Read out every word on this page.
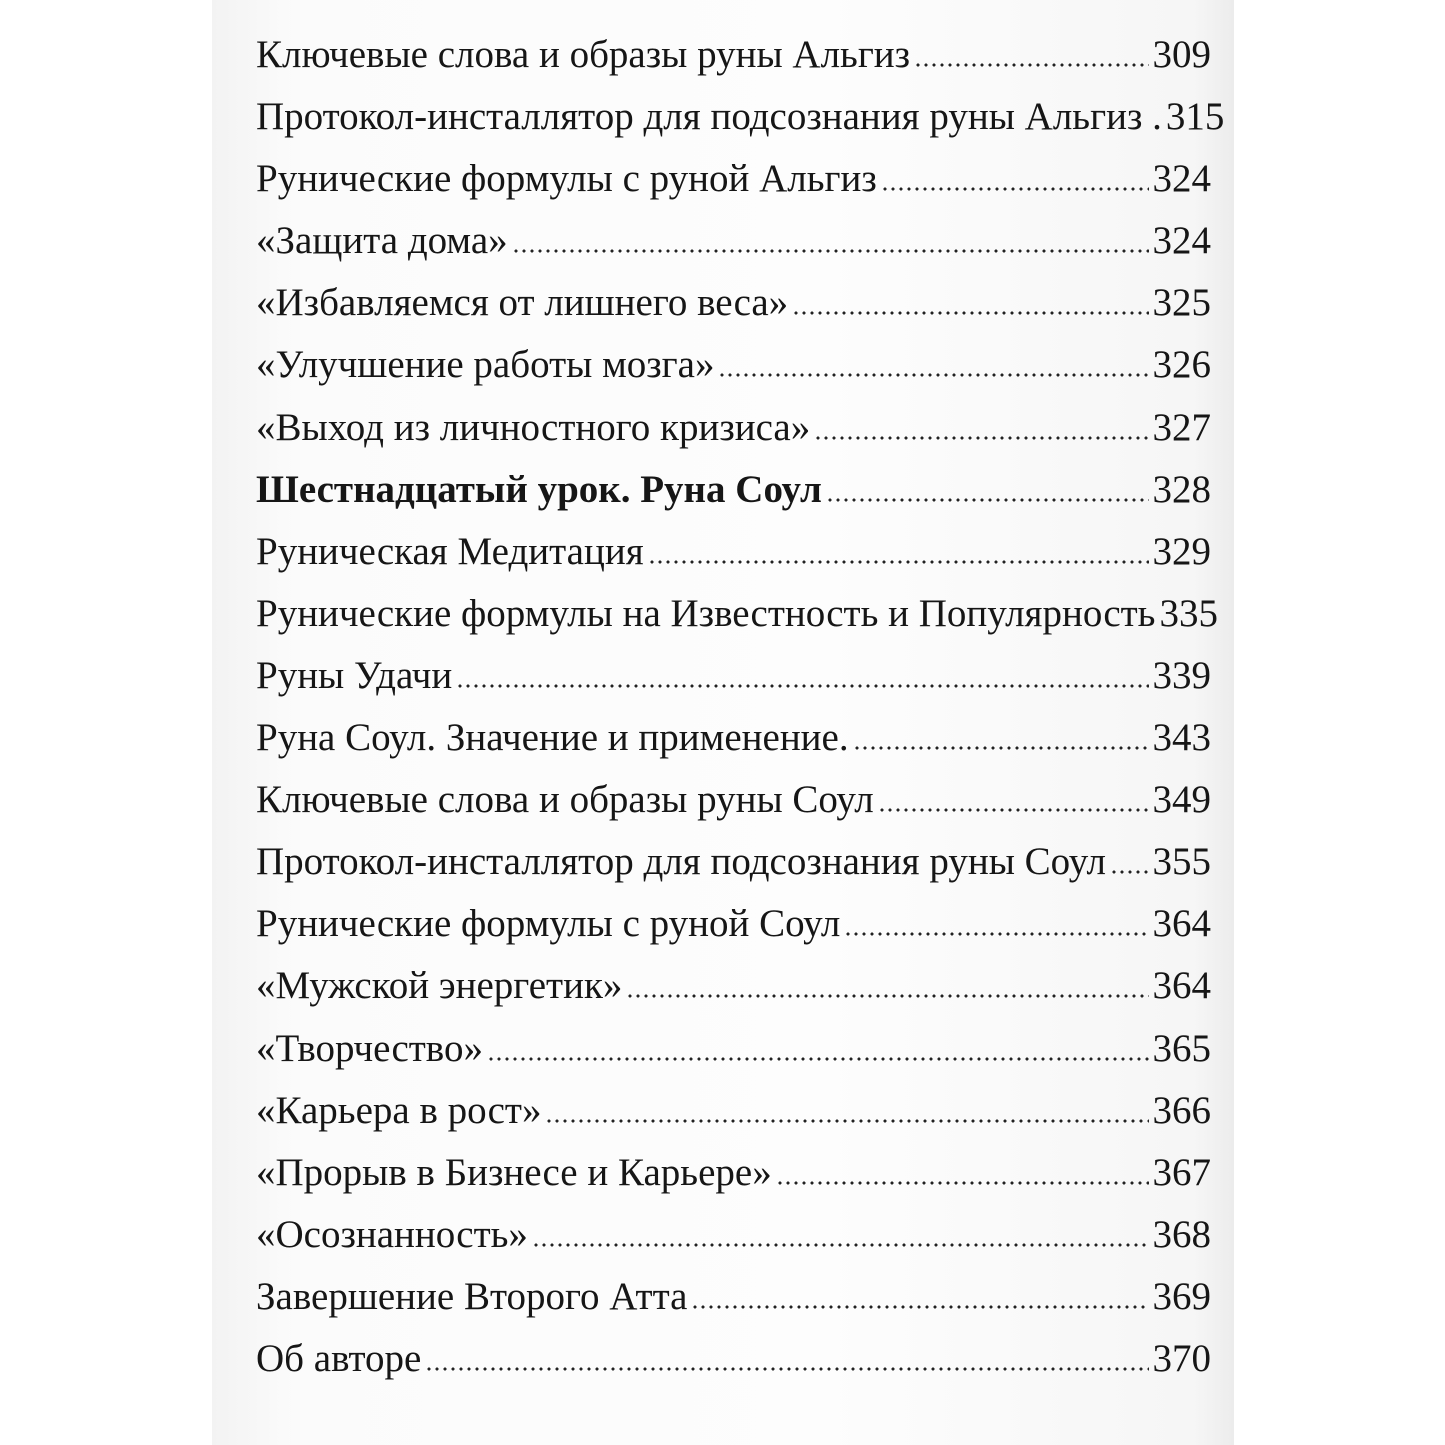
Ключевые слова и образы руны Альгиз	309
Протокол-инсталлятор для подсознания руны Альгиз . 315
Рунические формулы с руной Альгиз	324
«Защита дома»	324
«Избавляемся от лишнего веса»	325
«Улучшение работы мозга»	326
«Выход из личностного кризиса»	327
Шестнадцатый урок. Руна Соул	328
Руническая Медитация	329
Рунические формулы на Известность и Популярность 335
Руны Удачи	339
Руна Соул. Значение и применение.	343
Ключевые слова и образы руны Соул	349
Протокол-инсталлятор для подсознания руны Соул 355
Рунические формулы с руной Соул	364
«Мужской энергетик»	364
«Творчество»	365
«Карьера в рост»	366
«Прорыв в Бизнесе и Карьере»	367
«Осознанность»	368
Завершение Второго Атта	369
Об авторе	370
